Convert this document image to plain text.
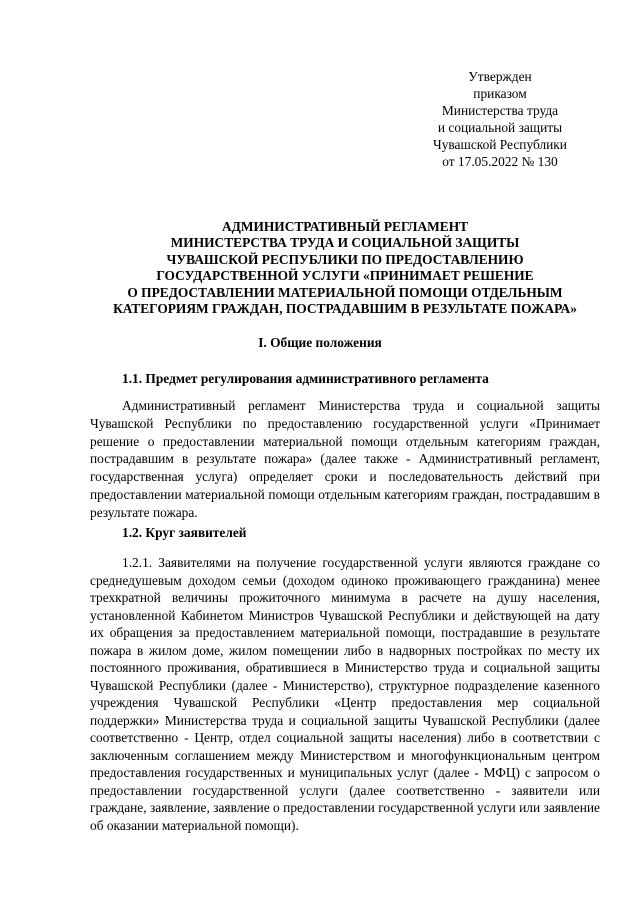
Утвержден
приказом
Министерства труда
и социальной защиты
Чувашской Республики
от 17.05.2022 № 130
АДМИНИСТРАТИВНЫЙ РЕГЛАМЕНТ
МИНИСТЕРСТВА ТРУДА И СОЦИАЛЬНОЙ ЗАЩИТЫ
ЧУВАШСКОЙ РЕСПУБЛИКИ ПО ПРЕДОСТАВЛЕНИЮ
ГОСУДАРСТВЕННОЙ УСЛУГИ «ПРИНИМАЕТ РЕШЕНИЕ
О ПРЕДОСТАВЛЕНИИ МАТЕРИАЛЬНОЙ ПОМОЩИ ОТДЕЛЬНЫМ
КАТЕГОРИЯМ ГРАЖДАН, ПОСТРАДАВШИМ В РЕЗУЛЬТАТЕ ПОЖАРА»
I. Общие положения
1.1. Предмет регулирования административного регламента

Административный регламент Министерства труда и социальной защиты Чувашской Республики по предоставлению государственной услуги «Принимает решение о предоставлении материальной помощи отдельным категориям граждан, пострадавшим в результате пожара» (далее также - Административный регламент, государственная услуга) определяет сроки и последовательность действий при предоставлении материальной помощи отдельным категориям граждан, пострадавшим в результате пожара.

1.2. Круг заявителей

1.2.1. Заявителями на получение государственной услуги являются граждане со среднедушевым доходом семьи (доходом одиноко проживающего гражданина) менее трехкратной величины прожиточного минимума в расчете на душу населения, установленной Кабинетом Министров Чувашской Республики и действующей на дату их обращения за предоставлением материальной помощи, пострадавшие в результате пожара в жилом доме, жилом помещении либо в надворных постройках по месту их постоянного проживания, обратившиеся в Министерство труда и социальной защиты Чувашской Республики (далее - Министерство), структурное подразделение казенного учреждения Чувашской Республики «Центр предоставления мер социальной поддержки» Министерства труда и социальной защиты Чувашской Республики (далее соответственно - Центр, отдел социальной защиты населения) либо в соответствии с заключенным соглашением между Министерством и многофункциональным центром предоставления государственных и муниципальных услуг (далее - МФЦ) с запросом о предоставлении государственной услуги (далее соответственно - заявители или граждане, заявление, заявление о предоставлении государственной услуги или заявление об оказании материальной помощи).
